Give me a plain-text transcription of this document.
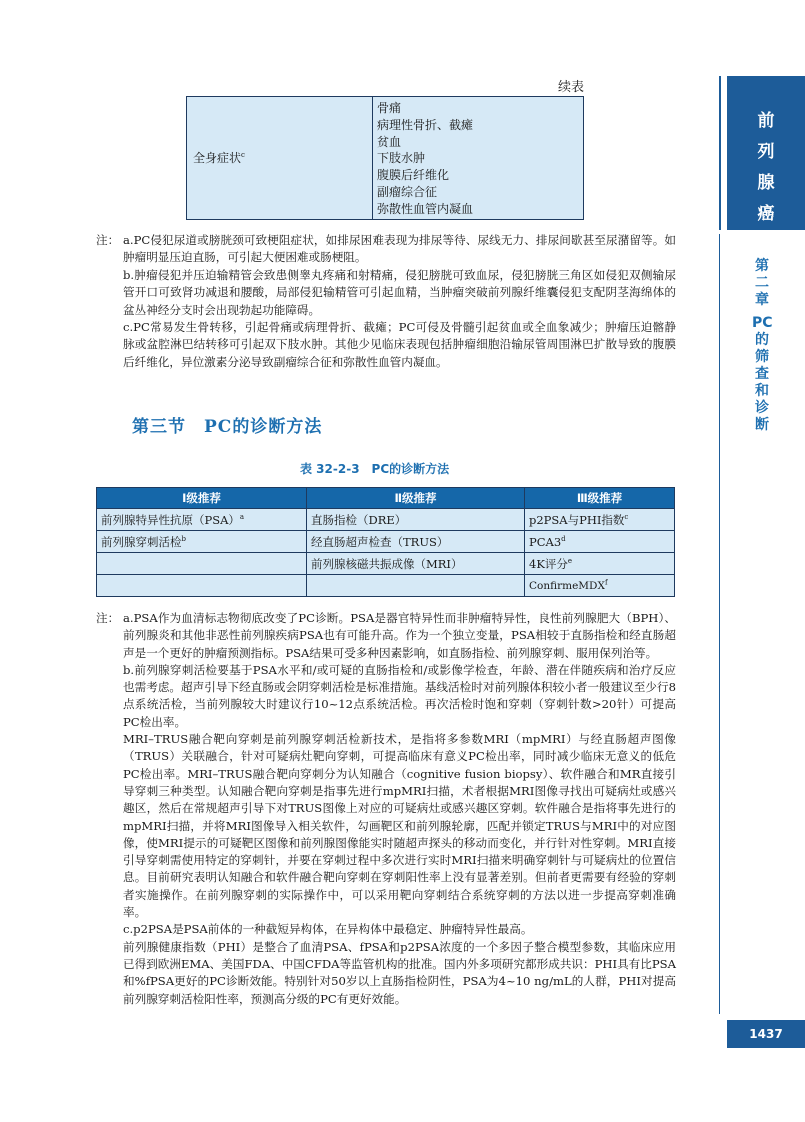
续表
全身症状$^c$
骨痛
病理性骨折、截瘫
贫血
下肢水肿
腹膜后纤维化
副瘤综合征
弥散性血管内凝血
注： a.PC侵犯尿道或膀胱颈可致梗阻症状，如排尿困难表现为排尿等待、尿线无力、排尿间歇甚至尿潴留等。如肿瘤明显压迫直肠，可引起大便困难或肠梗阻。

b.肿瘤侵犯并压迫输精管会致患侧睾丸疼痛和射精痛，侵犯膀胱可致血尿，侵犯膀胱三角区如侵犯双侧输尿管开口可致肾功减退和腰酸，局部侵犯输精管可引起血精，当肿瘤突破前列腺纤维囊侵犯支配阴茎海绵体的盆丛神经分支时会出现勃起功能障碍。

c.PC常易发生骨转移，引起骨痛或病理骨折、截瘫；PC可侵及骨髓引起贫血或全血象减少；肿瘤压迫髂静脉或盆腔淋巴结转移可引起双下肢水肿。其他少见临床表现包括肿瘤细胞沿输尿管周围淋巴扩散导致的腹膜后纤维化，异位激素分泌导致副瘤综合征和弥散性血管内凝血。

第三节　PC的诊断方法
表 32-2-3　PC的诊断方法
Ⅰ级推荐	Ⅱ级推荐	Ⅲ级推荐
前列腺特异性抗原（PSA）$^a$	直肠指检（DRE）	p2PSA与PHI指数$^c$
前列腺穿刺活检$^b$	经直肠超声检查（TRUS）	PCA3$^d$
	前列腺核磁共振成像（MRI）	4K评分$^e$
		ConfirmeMDX$^f$
注： a.PSA作为血清标志物彻底改变了PC诊断。PSA是器官特异性而非肿瘤特异性，良性前列腺肥大（BPH）、前列腺炎和其他非恶性前列腺疾病PSA也有可能升高。作为一个独立变量，PSA相较于直肠指检和经直肠超声是一个更好的肿瘤预测指标。PSA结果可受多种因素影响，如直肠指检、前列腺穿刺、服用保列治等。

b.前列腺穿刺活检要基于PSA水平和/或可疑的直肠指检和/或影像学检查，年龄、潜在伴随疾病和治疗反应也需考虑。超声引导下经直肠或会阴穿刺活检是标准措施。基线活检时对前列腺体积较小者一般建议至少行8点系统活检，当前列腺较大时建议行10~12点系统活检。再次活检时饱和穿刺（穿刺针数>20针）可提高PC检出率。

MRI–TRUS融合靶向穿刺是前列腺穿刺活检新技术，是指将多参数MRI（mpMRI）与经直肠超声图像（TRUS）关联融合，针对可疑病灶靶向穿刺，可提高临床有意义PC检出率，同时减少临床无意义的低危PC检出率。MRI–TRUS融合靶向穿刺分为认知融合（cognitive fusion biopsy）、软件融合和MR直接引导穿刺三种类型。认知融合靶向穿刺是指事先进行mpMRI扫描，术者根据MRI图像寻找出可疑病灶或感兴趣区，然后在常规超声引导下对TRUS图像上对应的可疑病灶或感兴趣区穿刺。软件融合是指将事先进行的mpMRI扫描，并将MRI图像导入相关软件，勾画靶区和前列腺轮廓，匹配并锁定TRUS与MRI中的对应图像，使MRI提示的可疑靶区图像和前列腺图像能实时随超声探头的移动而变化，并行针对性穿刺。MRI直接引导穿刺需使用特定的穿刺针，并要在穿刺过程中多次进行实时MRI扫描来明确穿刺针与可疑病灶的位置信息。目前研究表明认知融合和软件融合靶向穿刺在穿刺阳性率上没有显著差别。但前者更需要有经验的穿刺者实施操作。在前列腺穿刺的实际操作中，可以采用靶向穿刺结合系统穿刺的方法以进一步提高穿刺准确率。

c.p2PSA是PSA前体的一种截短异构体，在异构体中最稳定、肿瘤特异性最高。

前列腺健康指数（PHI）是整合了血清PSA、fPSA和p2PSA浓度的一个多因子整合模型参数，其临床应用已得到欧洲EMA、美国FDA、中国CFDA等监管机构的批准。国内外多项研究都形成共识：PHI具有比PSA和%fPSA更好的PC诊断效能。特别针对50岁以上直肠指检阴性，PSA为4~10 ng/mL的人群，PHI对提高前列腺穿刺活检阳性率，预测高分级的PC有更好效能。

前
列
腺
癌
第
二
章
PC
的
筛
查
和
诊
断
1437
